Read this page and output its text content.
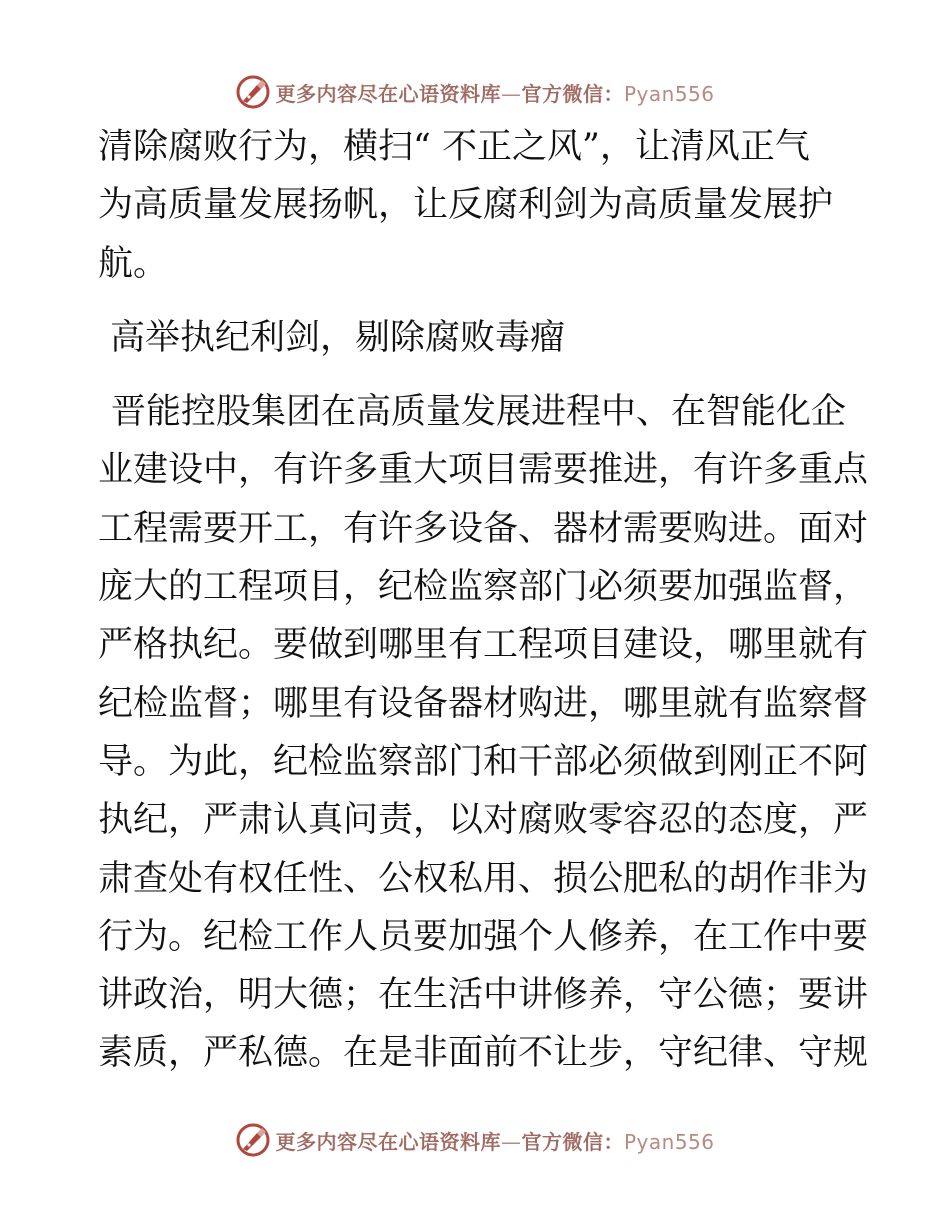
更多内容尽在心语资料库—官方微信：Pyan556

清除腐败行为，横扫“ 不正之风”，让清风正气

为高质量发展扬帆，让反腐利剑为高质量发展护

航。

高举执纪利剑，剔除腐败毒瘤

晋能控股集团在高质量发展进程中、在智能化企

业建设中，有许多重大项目需要推进，有许多重点

工程需要开工，有许多设备、器材需要购进。面对

庞大的工程项目，纪检监察部门必须要加强监督，

严格执纪。要做到哪里有工程项目建设，哪里就有

纪检监督；哪里有设备器材购进，哪里就有监察督

导。为此，纪检监察部门和干部必须做到刚正不阿

执纪，严肃认真问责，以对腐败零容忍的态度，严

肃查处有权任性、公权私用、损公肥私的胡作非为

行为。纪检工作人员要加强个人修养，在工作中要

讲政治，明大德；在生活中讲修养，守公德；要讲

素质，严私德。在是非面前不让步，守纪律、守规

更多内容尽在心语资料库—官方微信：Pyan556
